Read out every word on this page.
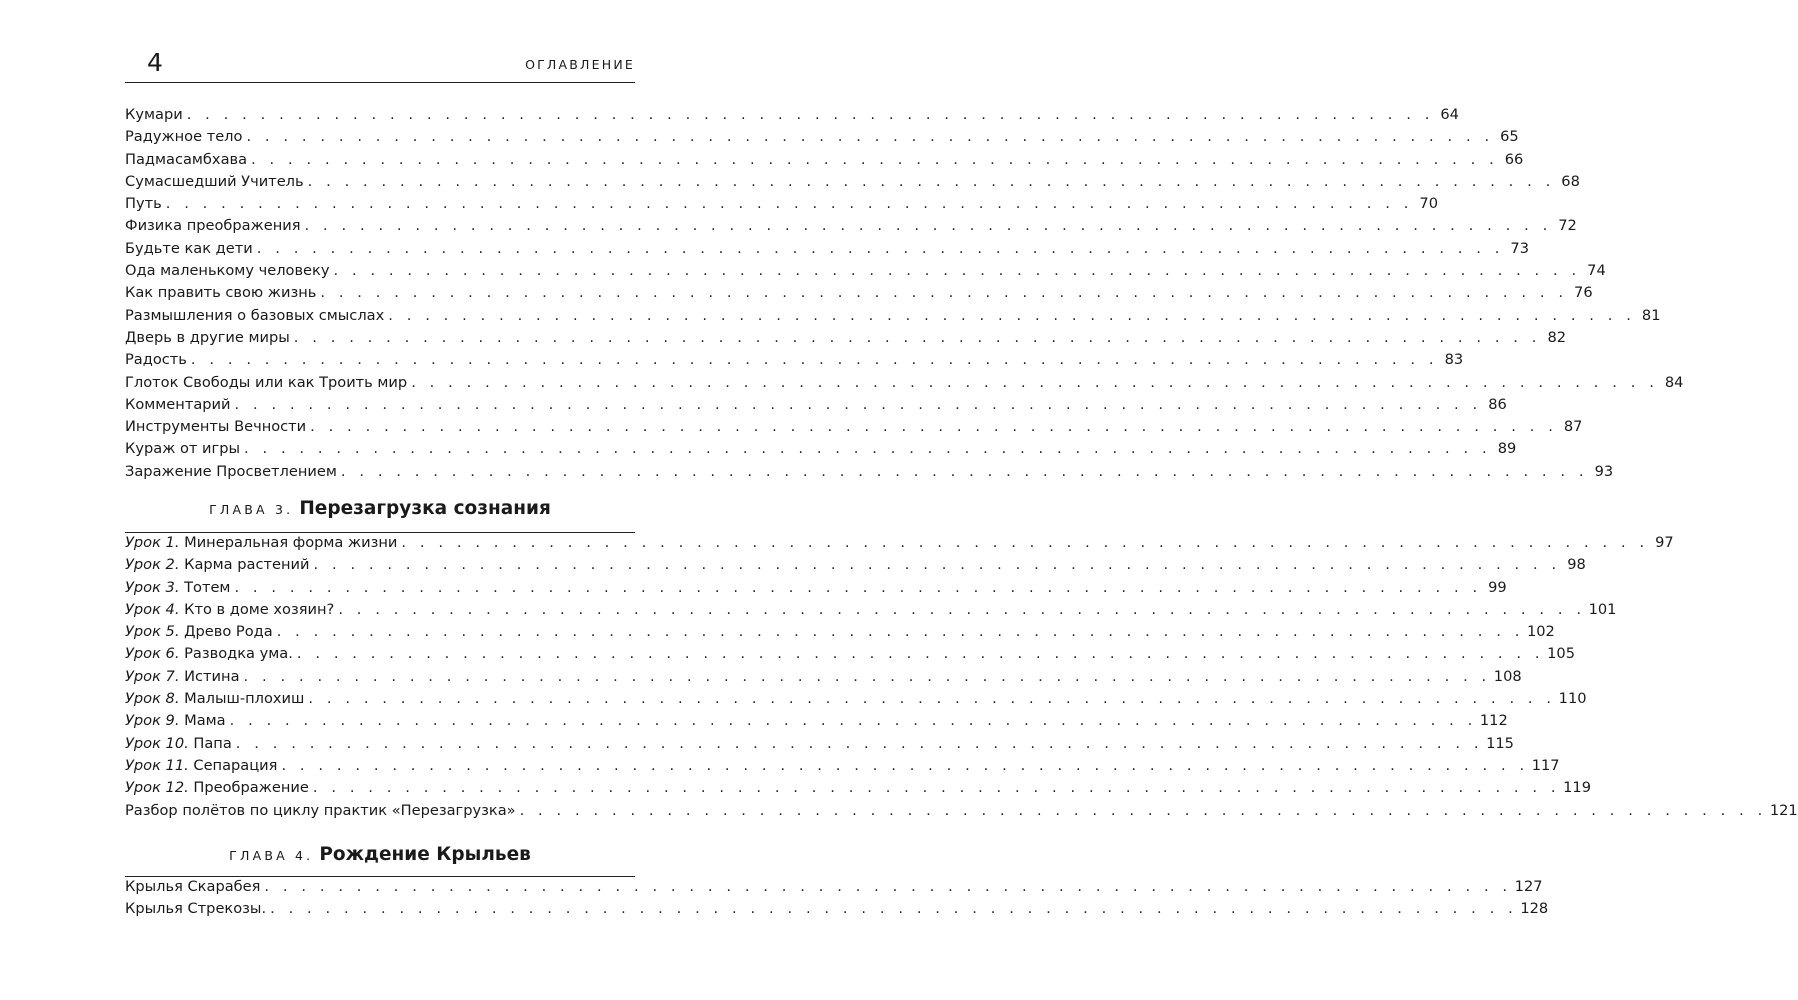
4	ОГЛАВЛЕНИЕ
Кумари . . . . . . . . . . . . . . . . . . . . . . . . . . . . . . . . . . . . . . . . . . . . . . . . . . . . . . . . . . . . . . . . . . . . 64
Радужное тело . . . . . . . . . . . . . . . . . . . . . . . . . . . . . . . . . . . . . . . . . . . . . . . . . . . . . . . . . . . . . . . . . . . . 65
Падмасамбхава . . . . . . . . . . . . . . . . . . . . . . . . . . . . . . . . . . . . . . . . . . . . . . . . . . . . . . . . . . . . . . . . . . . . 66
Сумасшедший Учитель . . . . . . . . . . . . . . . . . . . . . . . . . . . . . . . . . . . . . . . . . . . . . . . . . . . . . . . . . . . . . . . . . . . . 68
Путь . . . . . . . . . . . . . . . . . . . . . . . . . . . . . . . . . . . . . . . . . . . . . . . . . . . . . . . . . . . . . . . . . . . . 70
Физика преображения . . . . . . . . . . . . . . . . . . . . . . . . . . . . . . . . . . . . . . . . . . . . . . . . . . . . . . . . . . . . . . . . . . . . 72
Будьте как дети . . . . . . . . . . . . . . . . . . . . . . . . . . . . . . . . . . . . . . . . . . . . . . . . . . . . . . . . . . . . . . . . . . . . 73
Ода маленькому человеку . . . . . . . . . . . . . . . . . . . . . . . . . . . . . . . . . . . . . . . . . . . . . . . . . . . . . . . . . . . . . . . . . . . . 74
Как править свою жизнь . . . . . . . . . . . . . . . . . . . . . . . . . . . . . . . . . . . . . . . . . . . . . . . . . . . . . . . . . . . . . . . . . . . . 76
Размышления о базовых смыслах . . . . . . . . . . . . . . . . . . . . . . . . . . . . . . . . . . . . . . . . . . . . . . . . . . . . . . . . . . . . . . . . . . . . 81
Дверь в другие миры . . . . . . . . . . . . . . . . . . . . . . . . . . . . . . . . . . . . . . . . . . . . . . . . . . . . . . . . . . . . . . . . . . . . 82
Радость . . . . . . . . . . . . . . . . . . . . . . . . . . . . . . . . . . . . . . . . . . . . . . . . . . . . . . . . . . . . . . . . . . . . 83
Глоток Свободы или как Троить мир . . . . . . . . . . . . . . . . . . . . . . . . . . . . . . . . . . . . . . . . . . . . . . . . . . . . . . . . . . . . . . . . . . . . 84
Комментарий . . . . . . . . . . . . . . . . . . . . . . . . . . . . . . . . . . . . . . . . . . . . . . . . . . . . . . . . . . . . . . . . . . . . 86
Инструменты Вечности . . . . . . . . . . . . . . . . . . . . . . . . . . . . . . . . . . . . . . . . . . . . . . . . . . . . . . . . . . . . . . . . . . . . 87
Кураж от игры . . . . . . . . . . . . . . . . . . . . . . . . . . . . . . . . . . . . . . . . . . . . . . . . . . . . . . . . . . . . . . . . . . . . 89
Заражение Просветлением . . . . . . . . . . . . . . . . . . . . . . . . . . . . . . . . . . . . . . . . . . . . . . . . . . . . . . . . . . . . . . . . . . . . 93
ГЛАВА 3. Перезагрузка сознания
Урок 1. Минеральная форма жизни . . . . . . . . . . . . . . . . . . . . . . . . . . . . . . . . . . . . . . . . . . . . . . . . . . . . . . . . . . . . . . . . . . . . 97
Урок 2. Карма растений . . . . . . . . . . . . . . . . . . . . . . . . . . . . . . . . . . . . . . . . . . . . . . . . . . . . . . . . . . . . . . . . . . . . 98
Урок 3. Тотем . . . . . . . . . . . . . . . . . . . . . . . . . . . . . . . . . . . . . . . . . . . . . . . . . . . . . . . . . . . . . . . . . . . . 99
Урок 4. Кто в доме хозяин? . . . . . . . . . . . . . . . . . . . . . . . . . . . . . . . . . . . . . . . . . . . . . . . . . . . . . . . . . . . . . . . . . . . . 101
Урок 5. Древо Рода . . . . . . . . . . . . . . . . . . . . . . . . . . . . . . . . . . . . . . . . . . . . . . . . . . . . . . . . . . . . . . . . . . . . 102
Урок 6. Разводка ума. . . . . . . . . . . . . . . . . . . . . . . . . . . . . . . . . . . . . . . . . . . . . . . . . . . . . . . . . . . . . . . . . . . . . 105
Урок 7. Истина . . . . . . . . . . . . . . . . . . . . . . . . . . . . . . . . . . . . . . . . . . . . . . . . . . . . . . . . . . . . . . . . . . . . 108
Урок 8. Малыш-плохиш . . . . . . . . . . . . . . . . . . . . . . . . . . . . . . . . . . . . . . . . . . . . . . . . . . . . . . . . . . . . . . . . . . . . 110
Урок 9. Мама . . . . . . . . . . . . . . . . . . . . . . . . . . . . . . . . . . . . . . . . . . . . . . . . . . . . . . . . . . . . . . . . . . . . 112
Урок 10. Папа . . . . . . . . . . . . . . . . . . . . . . . . . . . . . . . . . . . . . . . . . . . . . . . . . . . . . . . . . . . . . . . . . . . . 115
Урок 11. Сепарация . . . . . . . . . . . . . . . . . . . . . . . . . . . . . . . . . . . . . . . . . . . . . . . . . . . . . . . . . . . . . . . . . . . . 117
Урок 12. Преображение . . . . . . . . . . . . . . . . . . . . . . . . . . . . . . . . . . . . . . . . . . . . . . . . . . . . . . . . . . . . . . . . . . . . 119
Разбор полётов по циклу практик «Перезагрузка» . . . . . . . . . . . . . . . . . . . . . . . . . . . . . . . . . . . . . . . . . . . . . . . . . . . . . . . . . . . . . . . . . . . . 121
ГЛАВА 4. Рождение Крыльев
Крылья Скарабея . . . . . . . . . . . . . . . . . . . . . . . . . . . . . . . . . . . . . . . . . . . . . . . . . . . . . . . . . . . . . . . . . . . . 127
Крылья Стрекозы. . . . . . . . . . . . . . . . . . . . . . . . . . . . . . . . . . . . . . . . . . . . . . . . . . . . . . . . . . . . . . . . . . . . . 128
